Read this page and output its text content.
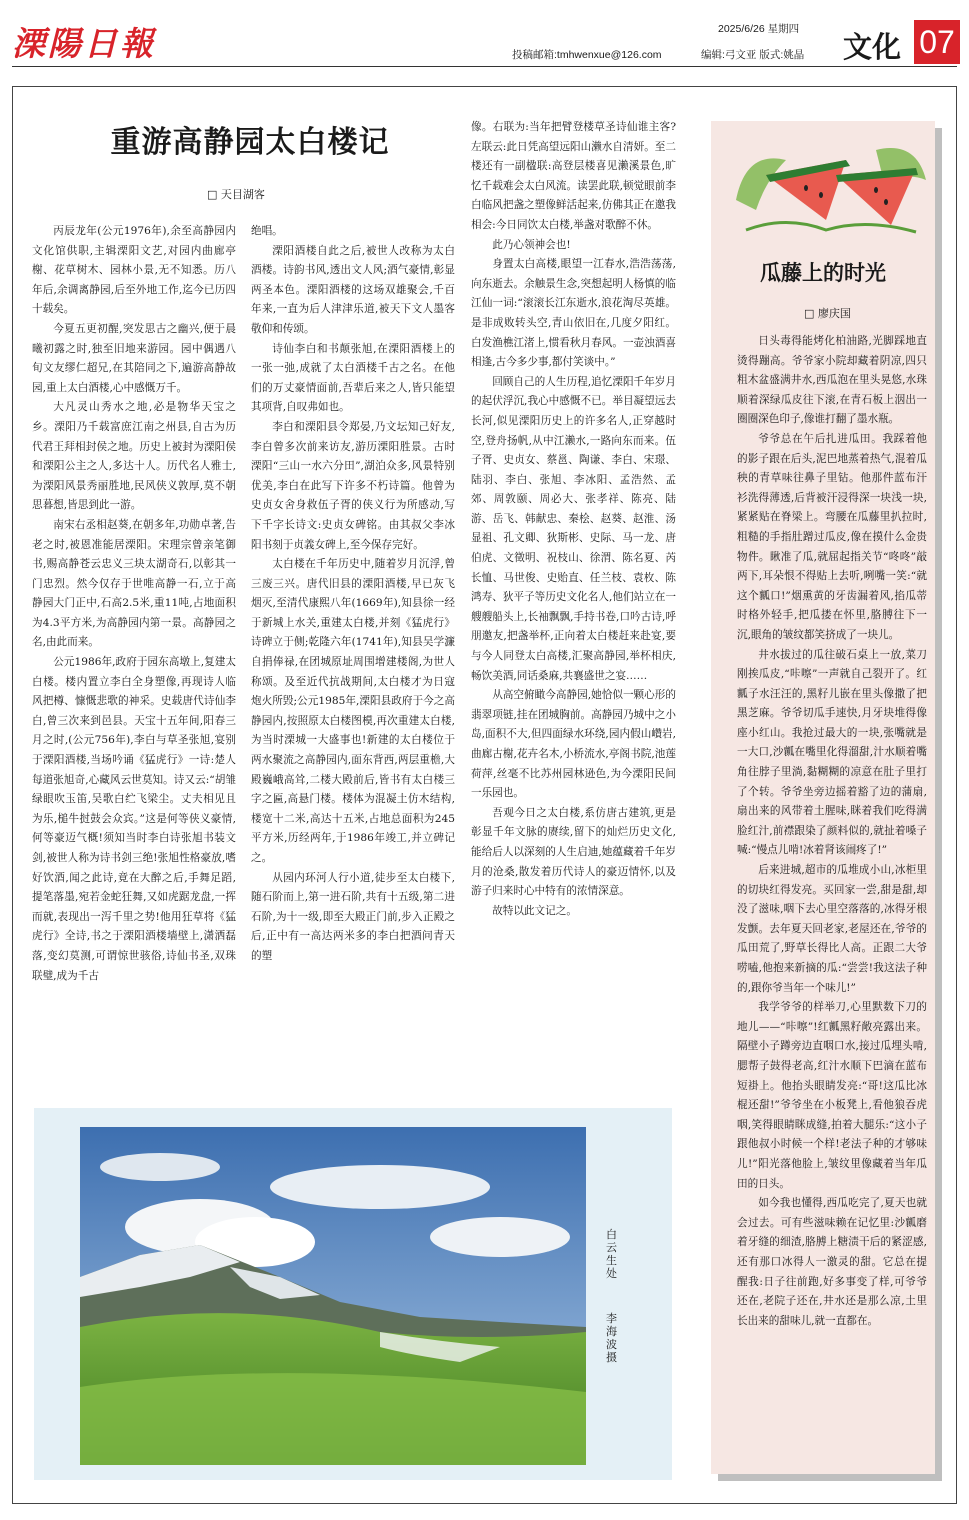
溧陽日報	投稿邮箱:tmhwenxue@126.com
2025/6/26 星期四
编辑:弓文亚 版式:姚晶 文化 07
重游高静园太白楼记
□ 天目湖客

丙辰龙年(公元1976年),余至高静园内文化馆供职,主辑溧阳文艺,对园内曲廊亭榭、花草树木、园林小景,无不知悉。历八年后,余调离静园,后至外地工作,迄今已历四十载矣。

今夏五更初醒,突发思古之幽兴,便于晨曦初露之时,独至旧地来游园。园中偶遇八旬文友缪仁超兄,在其陪同之下,遍游高静故园,重上太白酒楼,心中感慨万千。

大凡灵山秀水之地,必是物华天宝之乡。溧阳乃千载富庶江南之州县,自古为历代君王拜相封侯之地。历史上被封为溧阳侯和溧阳公主之人,多达十人。历代名人雅士,为溧阳风景秀丽胜地,民风侠义敦厚,莫不朝思暮想,皆思到此一游。

南宋右丞相赵葵,在朝多年,功勋卓著,告老之时,被恩准能居溧阳。宋理宗曾亲笔御书,赐高静苍云忠义三块太湖奇石,以彰其一门忠烈。然今仅存于世唯高静一石,立于高静园大门正中,石高2.5米,重11吨,占地面积为4.3平方米,为高静园内第一景。高静园之名,由此而来。

公元1986年,政府于园东高墩上,复建太白楼。楼内置立李白全身塑像,再现诗人临风把樽、慷慨悲歌的神采。史载唐代诗仙李白,曾三次来到邑县。天宝十五年间,阳春三月之时,(公元756年),李白与草圣张旭,宴别于溧阳酒楼,当场吟诵《猛虎行》一诗:楚人每道张旭奇,心藏风云世莫知。诗又云:“胡雏绿眼吹玉笛,吴歌白纻飞梁尘。丈夫相见且为乐,槌牛挝鼓会众宾。”这是何等侠义豪情,何等豪迈气概!须知当时李白诗张旭书装文剑,被世人称为诗书剑三绝!张旭性格豪放,嗜好饮酒,闻之此诗,竟在大醉之后,手舞足蹈,提笔落墨,宛若金蛇狂舞,又如虎踞龙盘,一挥而就,表现出一泻千里之势!他用狂草将《猛虎行》全诗,书之于溧阳酒楼墙壁上,潇洒磊落,变幻莫测,可谓惊世骇俗,诗仙书圣,双珠联璧,成为千古

绝唱。

溧阳酒楼自此之后,被世人改称为太白酒楼。诗韵书风,透出文人风;酒气豪情,彰显两圣本色。溧阳酒楼的这场双雄聚会,千百年来,一直为后人津津乐道,被天下文人墨客敬仰和传颂。

诗仙李白和书颠张旭,在溧阳酒楼上的一张一弛,成就了太白酒楼千古之名。在他们的万丈豪情面前,吾辈后来之人,皆只能望其项背,自叹弗如也。

李白和溧阳县令郑晏,乃文坛知己好友,李白曾多次前来访友,游历溧阳胜景。古时溧阳“三山一水六分田”,湖泊众多,风景特别优美,李白在此写下许多不朽诗篇。他曾为史贞女舍身救伍子胥的侠义行为所感动,写下千字长诗文:史贞女碑铭。由其叔父李冰阳书刻于贞義女碑上,至今保存完好。

太白楼在千年历史中,随着岁月沉浮,曾三废三兴。唐代旧县的溧阳酒楼,早已灰飞烟灭,至清代康熙八年(1669年),知县徐一经于新城上水关,重建太白楼,并刻《猛虎行》诗碑立于侧;乾隆六年(1741年),知县吴学濂自捐俸禄,在团城原址周围增建楼阁,为世人称颂。及至近代抗战期间,太白楼才为日寇炮火所毁;公元1985年,溧阳县政府于今之高静园内,按照原太白楼图模,再次重建太白楼,为当时溧城一大盛事也!新建的太白楼位于两水聚流之高静园内,面东背西,两层重檐,大殿巍峨高耸,二楼大殿前后,皆书有太白楼三字之匾,高悬门楼。楼体为混凝土仿木结构,楼宽十二米,高达十五米,占地总面积为245平方米,历经两年,于1986年竣工,并立碑记之。

从园内环河人行小道,徒步至太白楼下,随石阶而上,第一进石阶,共有十五级,第二进石阶,为十一级,即至大殿正门前,步入正殿之后,正中有一高达两米多的李白把酒问青天的塑

像。右联为:当年把臂登楼草圣诗仙谁主客?左联云:此日凭高望远阳山濑水自清妍。至二楼还有一副楹联:高登层楼喜见濑溪景色,旷忆千载难会太白风流。读罢此联,顿觉眼前李白临风把盏之塑像鲜活起来,仿佛其正在邀我相会:今日同饮太白楼,举盏对歌醉不休。

此乃心领神会也!

身置太白高楼,眼望一江春水,浩浩荡荡,向东逝去。余触景生念,突想起明人杨慎的临江仙一词:“滚滚长江东逝水,浪花淘尽英雄。是非成败转头空,青山依旧在,几度夕阳红。白发渔樵江渚上,惯看秋月春风。一壶浊酒喜相逢,古今多少事,都付笑谈中。”

回顾自己的人生历程,追忆溧阳千年岁月的起伏浮沉,我心中感慨不已。举目凝望远去长河,似见溧阳历史上的许多名人,正穿越时空,登舟扬帆,从中江濑水,一路向东而来。伍子胥、史贞女、蔡邕、陶谦、李白、宋璟、陆羽、李白、张旭、李冰阳、孟浩然、孟郊、周敦颐、周必大、张孝祥、陈亮、陆游、岳飞、韩献忠、秦桧、赵葵、赵淮、汤显祖、孔文卿、狄斯彬、史际、马一龙、唐伯虎、文徵明、祝枝山、徐渭、陈名夏、芮长恤、马世俊、史贻直、任兰枝、袁枚、陈鸿寿、狄平子等历史文化名人,他们站立在一艘艘船头上,长袖飘飘,手持书卷,口吟古诗,呼朋邀友,把盏举杯,正向着太白楼赶来赴宴,要与今人同登太白高楼,汇聚高静园,举杯相庆,畅饮美酒,同话桑麻,共襄盛世之宴……

从高空俯瞰今高静园,她恰似一颗心形的翡翠项链,挂在团城胸前。高静园乃城中之小岛,面积不大,但四面绿水环绕,园内假山巑岩,曲廊古榭,花卉名木,小桥流水,亭阁书院,池莲荷萍,丝毫不比苏州园林逊色,为今溧阳民间一乐园也。

吾观今日之太白楼,系仿唐古建筑,更是彰显千年文脉的赓续,留下的灿烂历史文化,能给后人以深刻的人生启迪,她蕴藏着千年岁月的沧桑,散发着历代诗人的豪迈情怀,以及游子归来时心中特有的浓情深意。

故特以此文记之。

瓜藤上的时光
□ 廖庆国

日头毒得能烤化柏油路,光脚踩地直烫得蹦高。爷爷家小院却藏着阴凉,四只粗木盆盛满井水,西瓜泡在里头晃悠,水珠顺着深绿瓜皮往下滚,在青石板上洇出一圈圈深色印子,像谁打翻了墨水瓶。

爷爷总在午后扎进瓜田。我踩着他的影子跟在后头,泥巴地蒸着热气,混着瓜秧的青草味往鼻子里钻。他那件蓝布汗衫洗得薄透,后背被汗浸得深一块浅一块,紧紧贴在脊梁上。弯腰在瓜藤里扒拉时,粗糙的手指肚蹭过瓜皮,像在摸什么金贵物件。瞅准了瓜,就屈起指关节“咚咚”敲两下,耳朵恨不得贴上去听,咧嘴一笑:“就这个瓤口!”烟熏黄的牙齿漏着风,掐瓜蒂时格外轻手,把瓜搂在怀里,胳膊往下一沉,眼角的皱纹都笑挤成了一块儿。

井水拔过的瓜往破石桌上一放,菜刀刚挨瓜皮,“咔嚓”一声就自己裂开了。红瓤子水汪汪的,黑籽儿嵌在里头像撒了把黑芝麻。爷爷切瓜手速快,月牙块堆得像座小红山。我抢过最大的一块,张嘴就是一大口,沙瓤在嘴里化得溜甜,汁水顺着嘴角往脖子里淌,黏糊糊的凉意在肚子里打了个转。爷爷坐旁边摇着豁了边的蒲扇,扇出来的风带着土腥味,眯着我们吃得满脸红汁,前襟跟染了颜料似的,就扯着嗓子喊:“慢点儿啃!冰着肾该闹疼了!”

后来进城,超市的瓜堆成小山,冰柜里的切块红得发亮。买回家一尝,甜是甜,却没了滋味,咽下去心里空落落的,冰得牙根发颤。去年夏天回老家,老屋还在,爷爷的瓜田荒了,野草长得比人高。正跟二大爷唠嗑,他抱来新摘的瓜:“尝尝!我这法子种的,跟你爷当年一个味儿!”

我学爷爷的样举刀,心里默数下刀的地儿——“咔嚓”!红瓤黑籽敞亮露出来。隔壁小子蹲旁边直咽口水,接过瓜埋头啃,腮帮子鼓得老高,红汁水顺下巴滴在蓝布短褂上。他抬头眼睛发亮:“哥!这瓜比冰棍还甜!”爷爷坐在小板凳上,看他狼吞虎咽,笑得眼睛眯成缝,拍着大腿乐:“这小子跟他叔小时候一个样!老法子种的才够味儿!”阳光落他脸上,皱纹里像藏着当年瓜田的日头。

如今我也懂得,西瓜吃完了,夏天也就会过去。可有些滋味赖在记忆里:沙瓤磨着牙缝的细渣,胳膊上糖渍干后的紧涩感,还有那口冰得人一激灵的甜。它总在提醒我:日子往前跑,好多事变了样,可爷爷还在,老院子还在,井水还是那么凉,土里长出来的甜味儿,就一直都在。

白云生处
李海波摄
